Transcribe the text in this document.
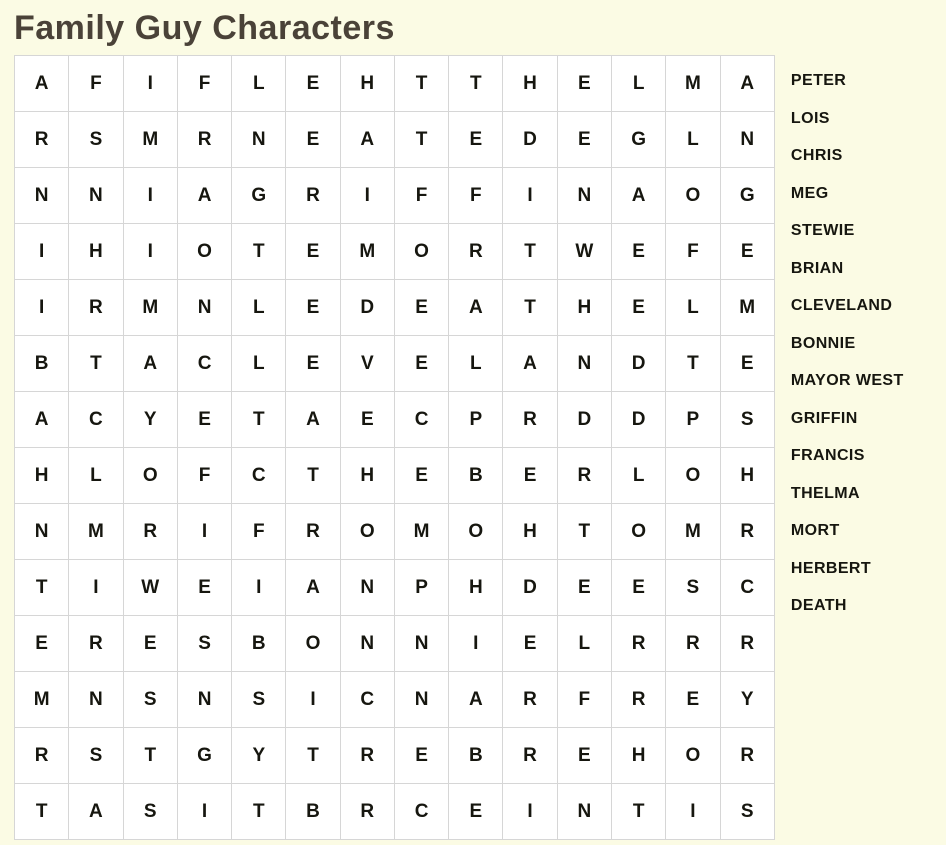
Family Guy Characters
A	F	I	F	L	E	H	T	T	H	E	L	M	A
R	S	M	R	N	E	A	T	E	D	E	G	L	N
N	N	I	A	G	R	I	F	F	I	N	A	O	G
I	H	I	O	T	E	M	O	R	T	W	E	F	E
I	R	M	N	L	E	D	E	A	T	H	E	L	M
B	T	A	C	L	E	V	E	L	A	N	D	T	E
A	C	Y	E	T	A	E	C	P	R	D	D	P	S
H	L	O	F	C	T	H	E	B	E	R	L	O	H
N	M	R	I	F	R	O	M	O	H	T	O	M	R
T	I	W	E	I	A	N	P	H	D	E	E	S	C
E	R	E	S	B	O	N	N	I	E	L	R	R	R
M	N	S	N	S	I	C	N	A	R	F	R	E	Y
R	S	T	G	Y	T	R	E	B	R	E	H	O	R
T	A	S	I	T	B	R	C	E	I	N	T	I	S
PETER
LOIS
CHRIS
MEG
STEWIE
BRIAN
CLEVELAND
BONNIE
MAYOR WEST
GRIFFIN
FRANCIS
THELMA
MORT
HERBERT
DEATH
